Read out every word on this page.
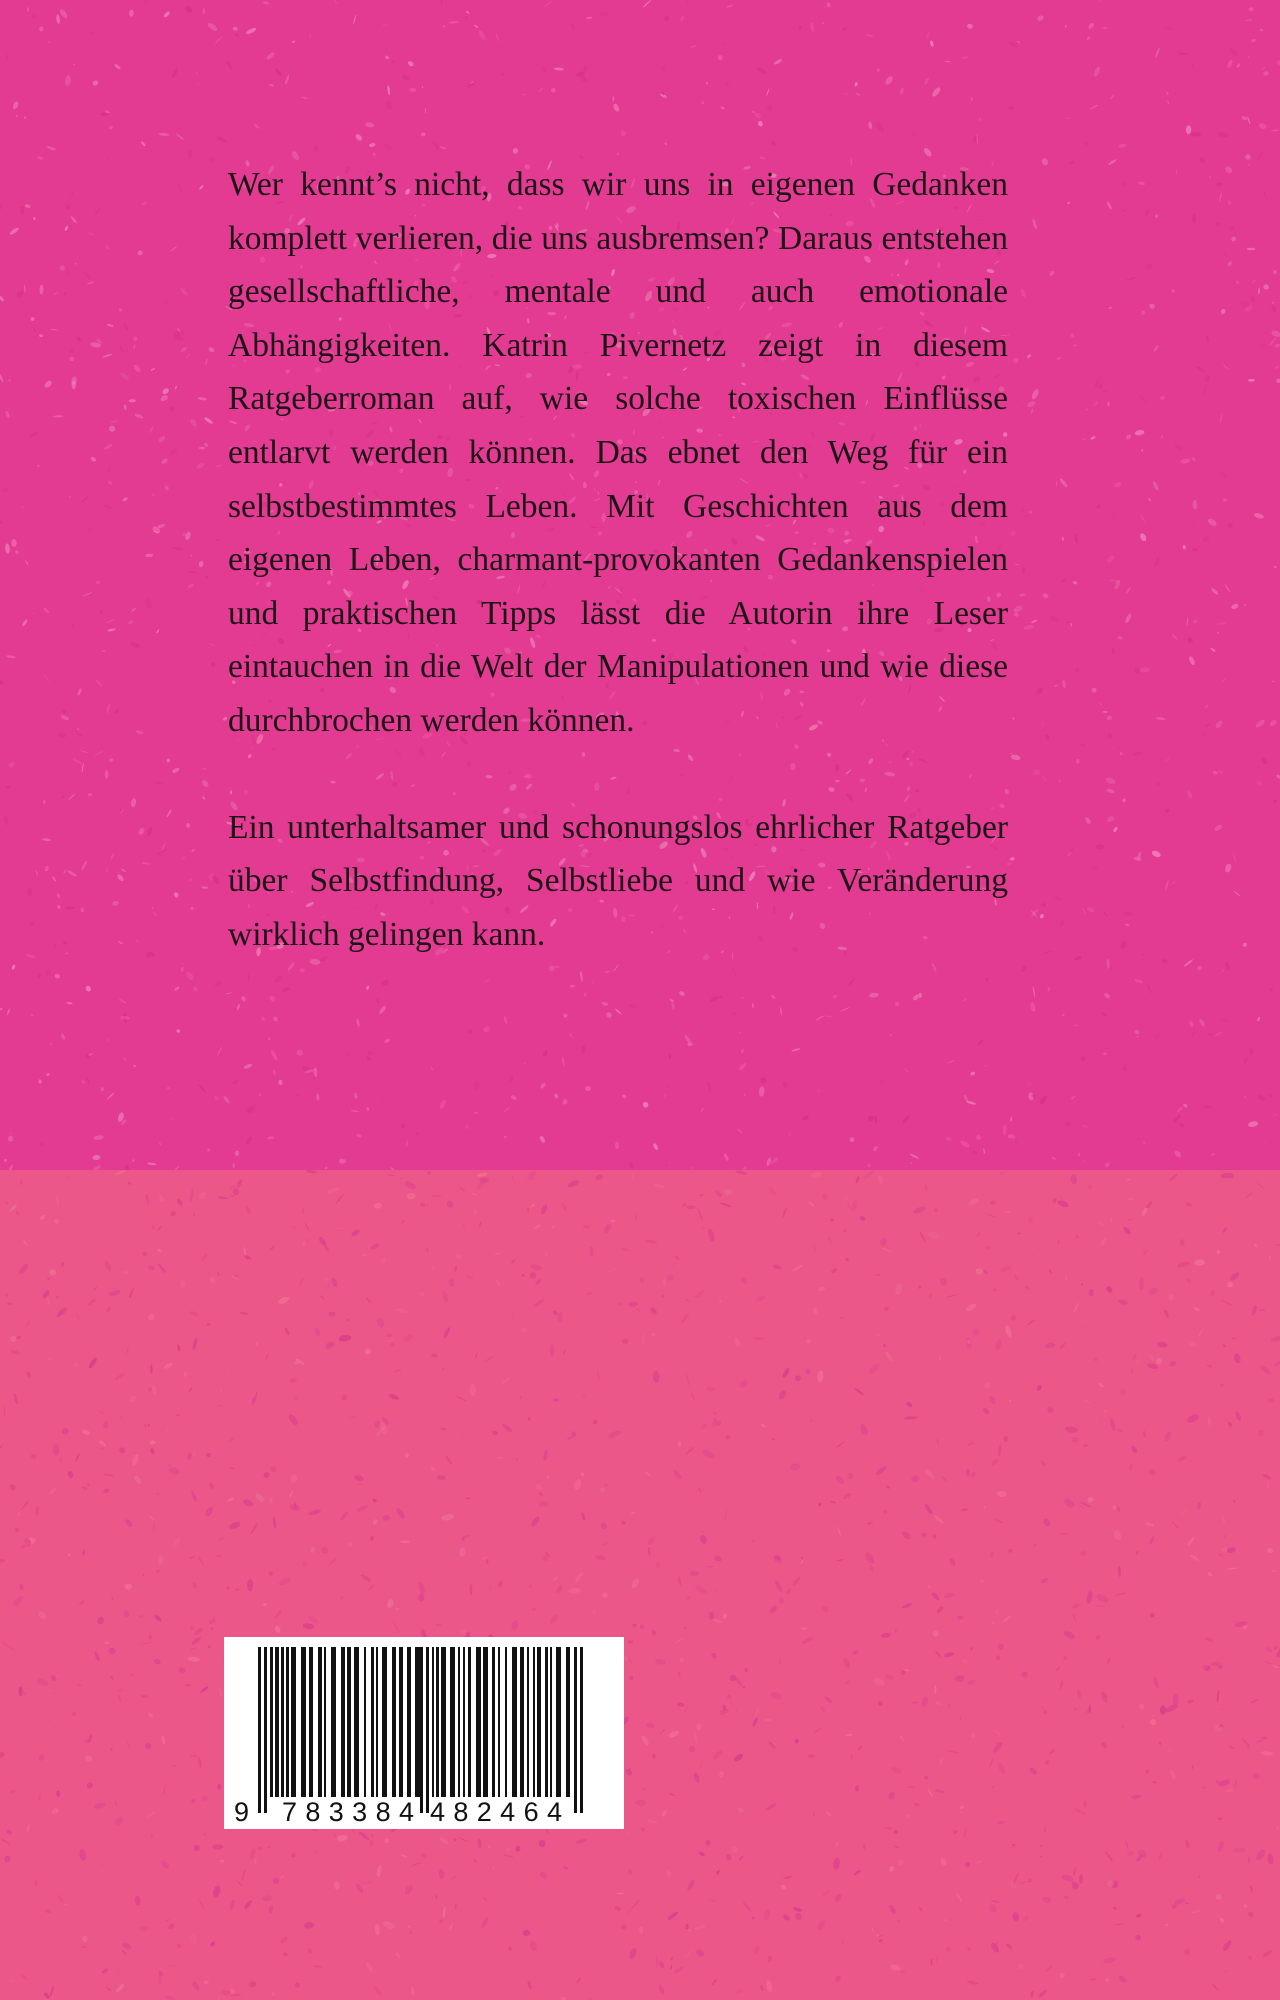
Wer kennt’s nicht, dass wir uns in eigenen Gedanken komplett verlieren, die uns ausbremsen? Daraus entstehen gesellschaftliche, mentale und auch emotionale Abhängigkeiten. Katrin Pivernetz zeigt in diesem Ratgeberroman auf, wie solche toxischen Einflüsse entlarvt werden können. Das ebnet den Weg für ein selbstbestimmtes Leben. Mit Geschichten aus dem eigenen Leben, charmant-provokanten Gedankenspielen und praktischen Tipps lässt die Autorin ihre Leser eintauchen in die Welt der Manipulationen und wie diese durchbrochen werden können.

Ein unterhaltsamer und schonungslos ehrlicher Ratgeber über Selbstfindung, Selbstliebe und wie Veränderung wirklich gelingen kann.

9 783384 482464
